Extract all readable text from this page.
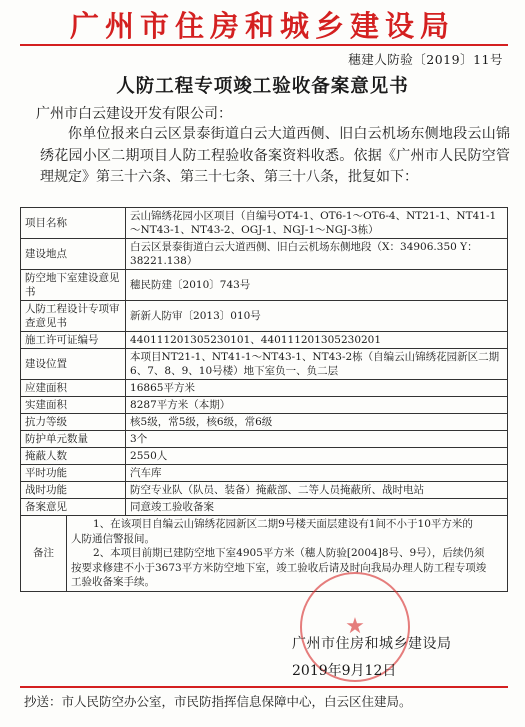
广州市住房和城乡建设局
穗建人防验〔2019〕11号
人防工程专项竣工验收备案意见书
广州市白云建设开发有限公司：

你单位报来白云区景泰街道白云大道西侧、旧白云机场东侧地段云山锦绣花园小区二期项目人防工程验收备案资料收悉。依据《广州市人民防空管理规定》第三十六条、第三十七条、第三十八条，批复如下：

项目名称		云山锦绣花园小区项目（自编号OT4-1、OT6-1～OT6-4、NT21-1、NT41-1～NT43-1、NT43-2、OGJ-1、NGJ-1～NGJ-3栋）
建设地点		白云区景泰街道白云大道西侧、旧白云机场东侧地段（X：34906.350 Y：38221.138）
防空地下室建设意见书		穗民防建〔2010〕743号
人防工程设计专项审查意见书		新新人防审〔2013〕010号
施工许可证编号		440111201305230101、440111201305230201
建设位置		本项目NT21-1、NT41-1～NT43-1、NT43-2栋（自编云山锦绣花园新区二期6、7、8、9、10号楼）地下室负一、负二层
应建面积		16865平方米
实建面积		8287平方米（本期）
抗力等级		核5级，常5级，核6级，常6级
防护单元数量		3个
掩蔽人数		2550人
平时功能		汽车库
战时功能		防空专业队（队员、装备）掩蔽部、二等人员掩蔽所、战时电站
备案意见		同意竣工验收备案
备注	1、在该项目自编云山锦绣花园新区二期9号楼天面层建设有1间不小于10平方米的
人防通信警报间。
2、本项目前期已建防空地下室4905平方米（穗人防验[2004]8号、9号），后续仍须
按要求修建不小于3673平方米防空地下室，竣工验收后请及时向我局办理人防工程专项竣
工验收备案手续。	
★
广州市住房和城乡建设局
2019年9月12日
抄送：市人民防空办公室，市民防指挥信息保障中心，白云区住建局。
